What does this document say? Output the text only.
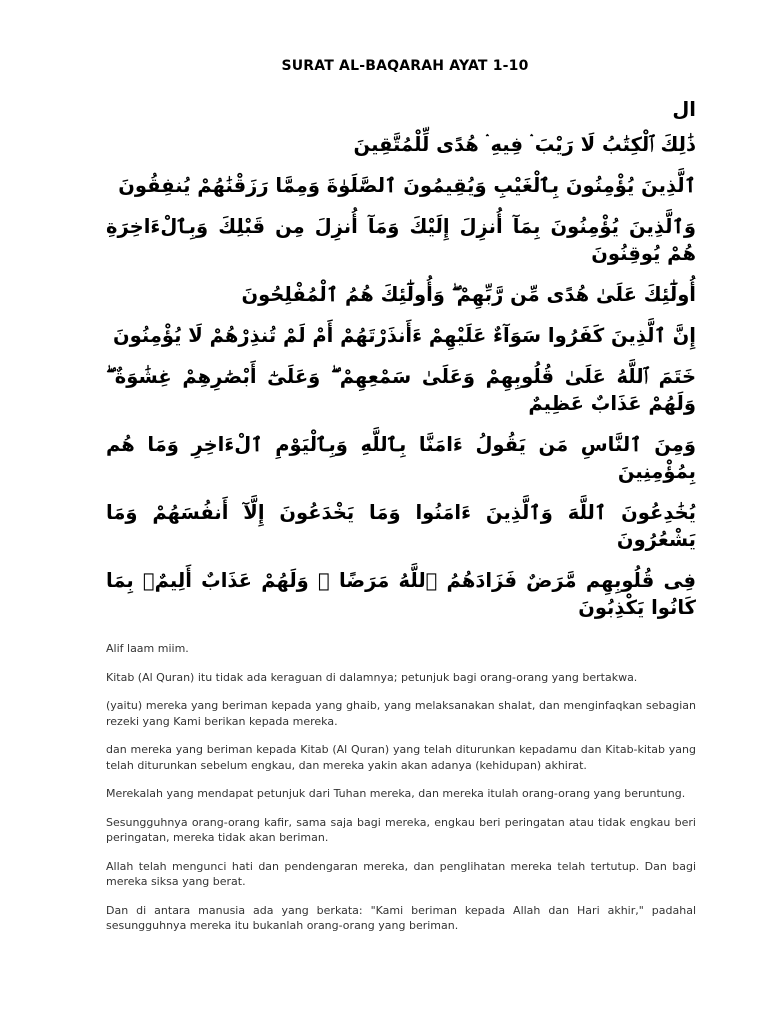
SURAT AL-BAQARAH AYAT 1-10
ال
ذَٰلِكَ ٱلْكِتَٰبُ لَا رَيْبَ ۛ فِيهِ ۛ هُدًى لِّلْمُتَّقِينَ
ٱلَّذِينَ يُؤْمِنُونَ بِٱلْغَيْبِ وَيُقِيمُونَ ٱلصَّلَوٰةَ وَمِمَّا رَزَقْنَٰهُمْ يُنفِقُونَ
وَٱلَّذِينَ يُؤْمِنُونَ بِمَآ أُنزِلَ إِلَيْكَ وَمَآ أُنزِلَ مِن قَبْلِكَ وَبِٱلْءَاخِرَةِ هُمْ يُوقِنُونَ
أُولَٰٓئِكَ عَلَىٰ هُدًى مِّن رَّبِّهِمْ ۖ وَأُولَٰٓئِكَ هُمُ ٱلْمُفْلِحُونَ
إِنَّ ٱلَّذِينَ كَفَرُوا سَوَآءٌ عَلَيْهِمْ ءَأَنذَرْتَهُمْ أَمْ لَمْ تُنذِرْهُمْ لَا يُؤْمِنُونَ
خَتَمَ ٱللَّهُ عَلَىٰ قُلُوبِهِمْ وَعَلَىٰ سَمْعِهِمْ ۖ وَعَلَىٰٓ أَبْصَٰرِهِمْ غِشَٰوَةٌ ۖ وَلَهُمْ عَذَابٌ عَظِيمٌ
وَمِنَ ٱلنَّاسِ مَن يَقُولُ ءَامَنَّا بِٱللَّهِ وَبِٱلْيَوْمِ ٱلْءَاخِرِ وَمَا هُم بِمُؤْمِنِينَ
يُخَٰدِعُونَ ٱللَّهَ وَٱلَّذِينَ ءَامَنُوا وَمَا يَخْدَعُونَ إِلَّآ أَنفُسَهُمْ وَمَا يَشْعُرُونَ
فِى قُلُوبِهِم مَّرَضٌ فَزَادَهُمُ ٱللَّهُ مَرَضًا ۖ وَلَهُمْ عَذَابٌ أَلِيمٌۢ بِمَا كَانُوا يَكْذِبُونَ

Alif laam miim.

Kitab (Al Quran) itu tidak ada keraguan di dalamnya; petunjuk bagi orang-orang yang bertakwa.

(yaitu) mereka yang beriman kepada yang ghaib, yang melaksanakan shalat, dan menginfaqkan sebagian rezeki yang Kami berikan kepada mereka.

dan mereka yang beriman kepada Kitab (Al Quran) yang telah diturunkan kepadamu dan Kitab-kitab yang telah diturunkan sebelum engkau, dan mereka yakin akan adanya (kehidupan) akhirat.

Merekalah yang mendapat petunjuk dari Tuhan mereka, dan mereka itulah orang-orang yang beruntung.

Sesungguhnya orang-orang kafir, sama saja bagi mereka, engkau beri peringatan atau tidak engkau beri peringatan, mereka tidak akan beriman.

Allah telah mengunci hati dan pendengaran mereka, dan penglihatan mereka telah tertutup. Dan bagi mereka siksa yang berat.

Dan di antara manusia ada yang berkata: "Kami beriman kepada Allah dan Hari akhir," padahal sesungguhnya mereka itu bukanlah orang-orang yang beriman.
